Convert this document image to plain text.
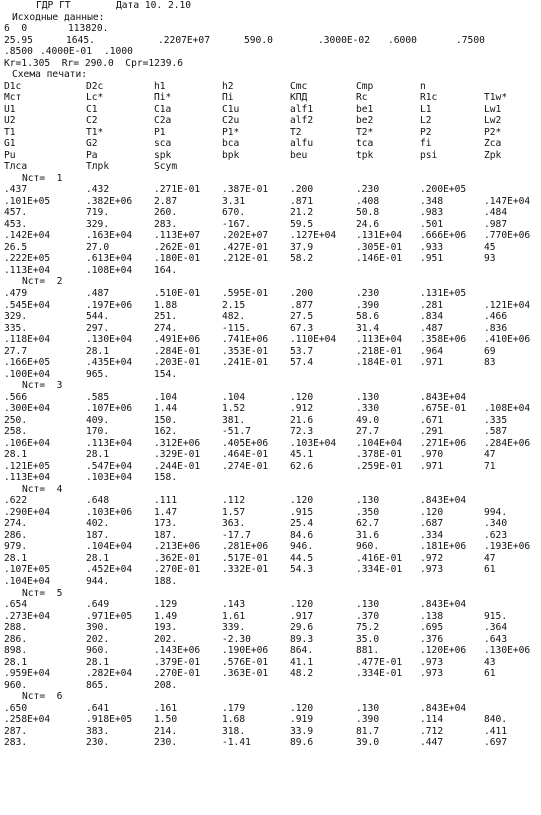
ГДР ГТ	Дата 10. 2.10
Исходные данные:
6  0	113820.
25.95	1645.	.2207E+07	590.0	.3000E-02 .6000	.7500
.8500 .4000E-01 .1000
Kr=1.305  Rr= 290.0  Cpr=1239.6
Схема печати:
D1c	D2c	h1	h2	Cmc	Cmp	n
Mст	Lc*	Пi*	Пi	КПД	Rc	R1c	T1w*
U1	C1	C1a	C1u	alf1	be1	L1	Lw1
U2	C2	C2a	C2u	alf2	be2	L2	Lw2
T1	T1*	P1	P1*	T2	T2*	P2	P2*
G1	G2	sca	bca	alfu	tca	fi	Zca
Pu	Pa	spk	bpk	beu	tpk	psi	Zpk
Tлca	Tлpk	Scym
Nст=  1
.437	.432	.271E-01 .387E-01 .200	.230	.200E+05
.101E+05	.382E+06 2.87	3.31	.871	.408	.348	.147E+04
457.	719.	260.	670.	21.2	50.8	.983	.484
453.	329.	283.	-167.	59.5	24.6	.501	.987
.142E+04	.163E+04 .113E+07 .202E+07 .127E+04 .131E+04 .666E+06 .770E+06
26.5	27.0	.262E-01 .427E-01 37.9	.305E-01 .933	45
.222E+05	.613E+04 .180E-01 .212E-01 58.2	.146E-01 .951	93
.113E+04	.108E+04 164.
Nст=  2
.479	.487	.510E-01 .595E-01 .200	.230	.131E+05
.545E+04	.197E+06 1.88	2.15	.877	.390	.281	.121E+04
329.	544.	251.	482.	27.5	58.6	.834	.466
335.	297.	274.	-115.	67.3	31.4	.487	.836
.118E+04	.130E+04 .491E+06 .741E+06 .110E+04 .113E+04 .358E+06 .410E+06
27.7	28.1	.284E-01 .353E-01 53.7	.218E-01 .964	69
.166E+05	.435E+04 .203E-01 .241E-01 57.4	.184E-01 .971	83
.100E+04	965.	154.
Nст=  3
.566	.585	.104	.104	.120	.130	.843E+04
.300E+04	.107E+06 1.44	1.52	.912	.330	.675E-01 .108E+04
250.	409.	150.	381.	21.6	49.0	.671	.335
258.	170.	162.	-51.7	72.3	27.7	.291	.587
.106E+04	.113E+04 .312E+06 .405E+06 .103E+04 .104E+04 .271E+06 .284E+06
28.1	28.1	.329E-01 .464E-01 45.1	.378E-01 .970	47
.121E+05	.547E+04 .244E-01 .274E-01 62.6	.259E-01 .971	71
.113E+04	.103E+04 158.
Nст=  4
.622	.648	.111	.112	.120	.130	.843E+04
.290E+04	.103E+06 1.47	1.57	.915	.350	.120	994.
274.	402.	173.	363.	25.4	62.7	.687	.340
286.	187.	187.	-17.7	84.6	31.6	.334	.623
979.	.104E+04 .213E+06 .281E+06 946.	960.	.181E+06 .193E+06
28.1	28.1	.362E-01 .517E-01 44.5	.416E-01 .972	47
.107E+05	.452E+04 .270E-01 .332E-01 54.3	.334E-01 .973	61
.104E+04	944.	188.
Nст=  5
.654	.649	.129	.143	.120	.130	.843E+04
.273E+04	.971E+05 1.49	1.61	.917	.370	.138	915.
288.	390.	193.	339.	29.6	75.2	.695	.364
286.	202.	202.	-2.30	89.3	35.0	.376	.643
898.	960.	.143E+06 .190E+06 864.	881.	.120E+06 .130E+06
28.1	28.1	.379E-01 .576E-01 41.1	.477E-01 .973	43
.959E+04	.282E+04 .270E-01 .363E-01 48.2	.334E-01 .973	61
960.	865.	208.
Nст=  6
.650	.641	.161	.179	.120	.130	.843E+04
.258E+04	.918E+05 1.50	1.68	.919	.390	.114	840.
287.	383.	214.	318.	33.9	81.7	.712	.411
283.	230.	230.	-1.41	89.6	39.0	.447	.697
